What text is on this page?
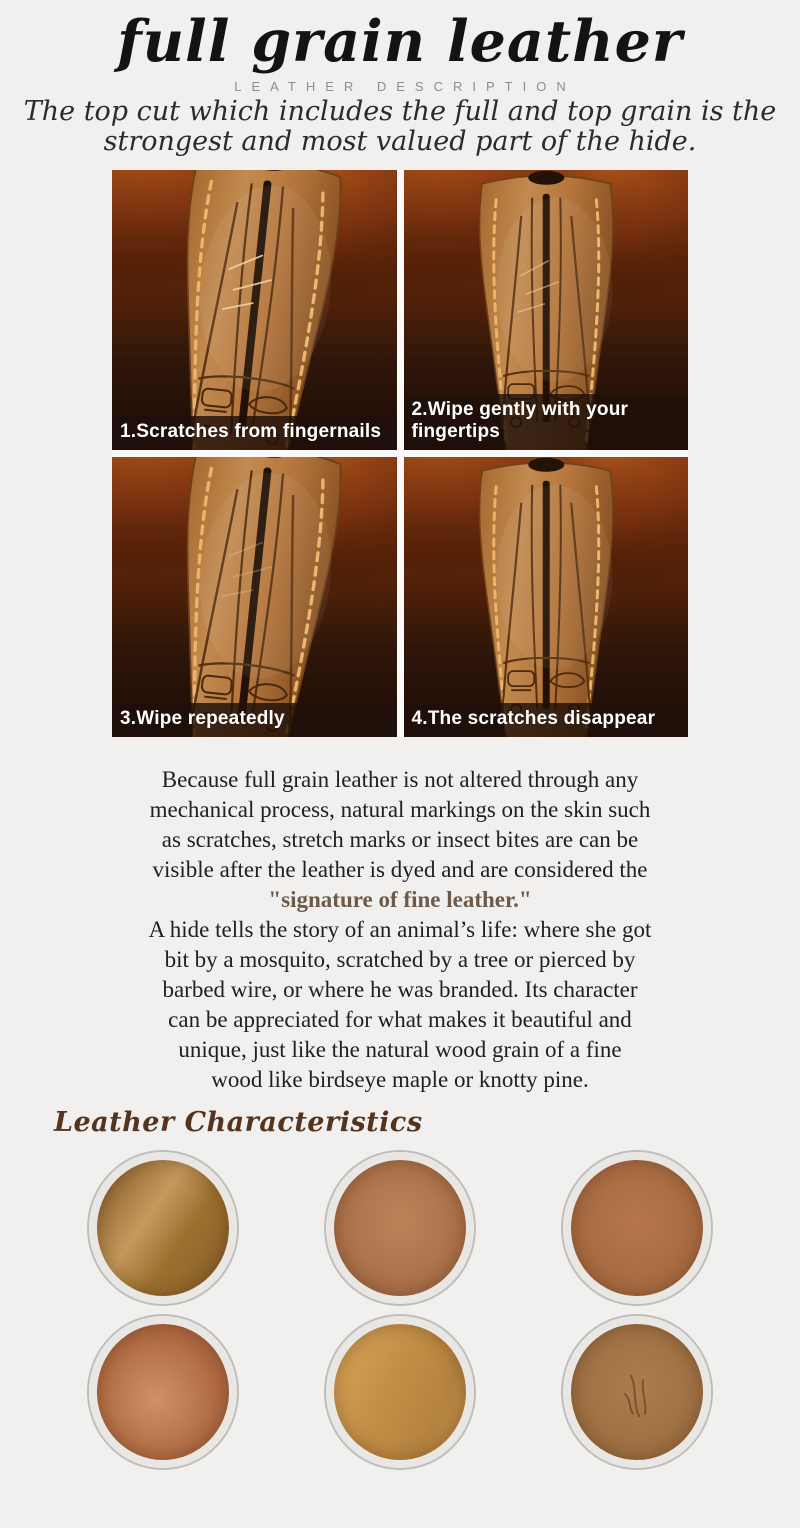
full grain leather
LEATHER DESCRIPTION
The top cut which includes the full and top grain is the
strongest and most valued part of the hide.
1.Scratches from fingernails
2.Wipe gently with your fingertips
3.Wipe repeatedly	4.The scratches disappear
Because full grain leather is not altered through any
mechanical process, natural markings on the skin such
as scratches, stretch marks or insect bites are can be
visible after the leather is dyed and are considered the
"signature of fine leather."
A hide tells the story of an animal’s life: where she got
bit by a mosquito, scratched by a tree or pierced by
barbed wire, or where he was branded. Its character
can be appreciated for what makes it beautiful and
unique, just like the natural wood grain of a fine
wood like birdseye maple or knotty pine.
Leather Characteristics
